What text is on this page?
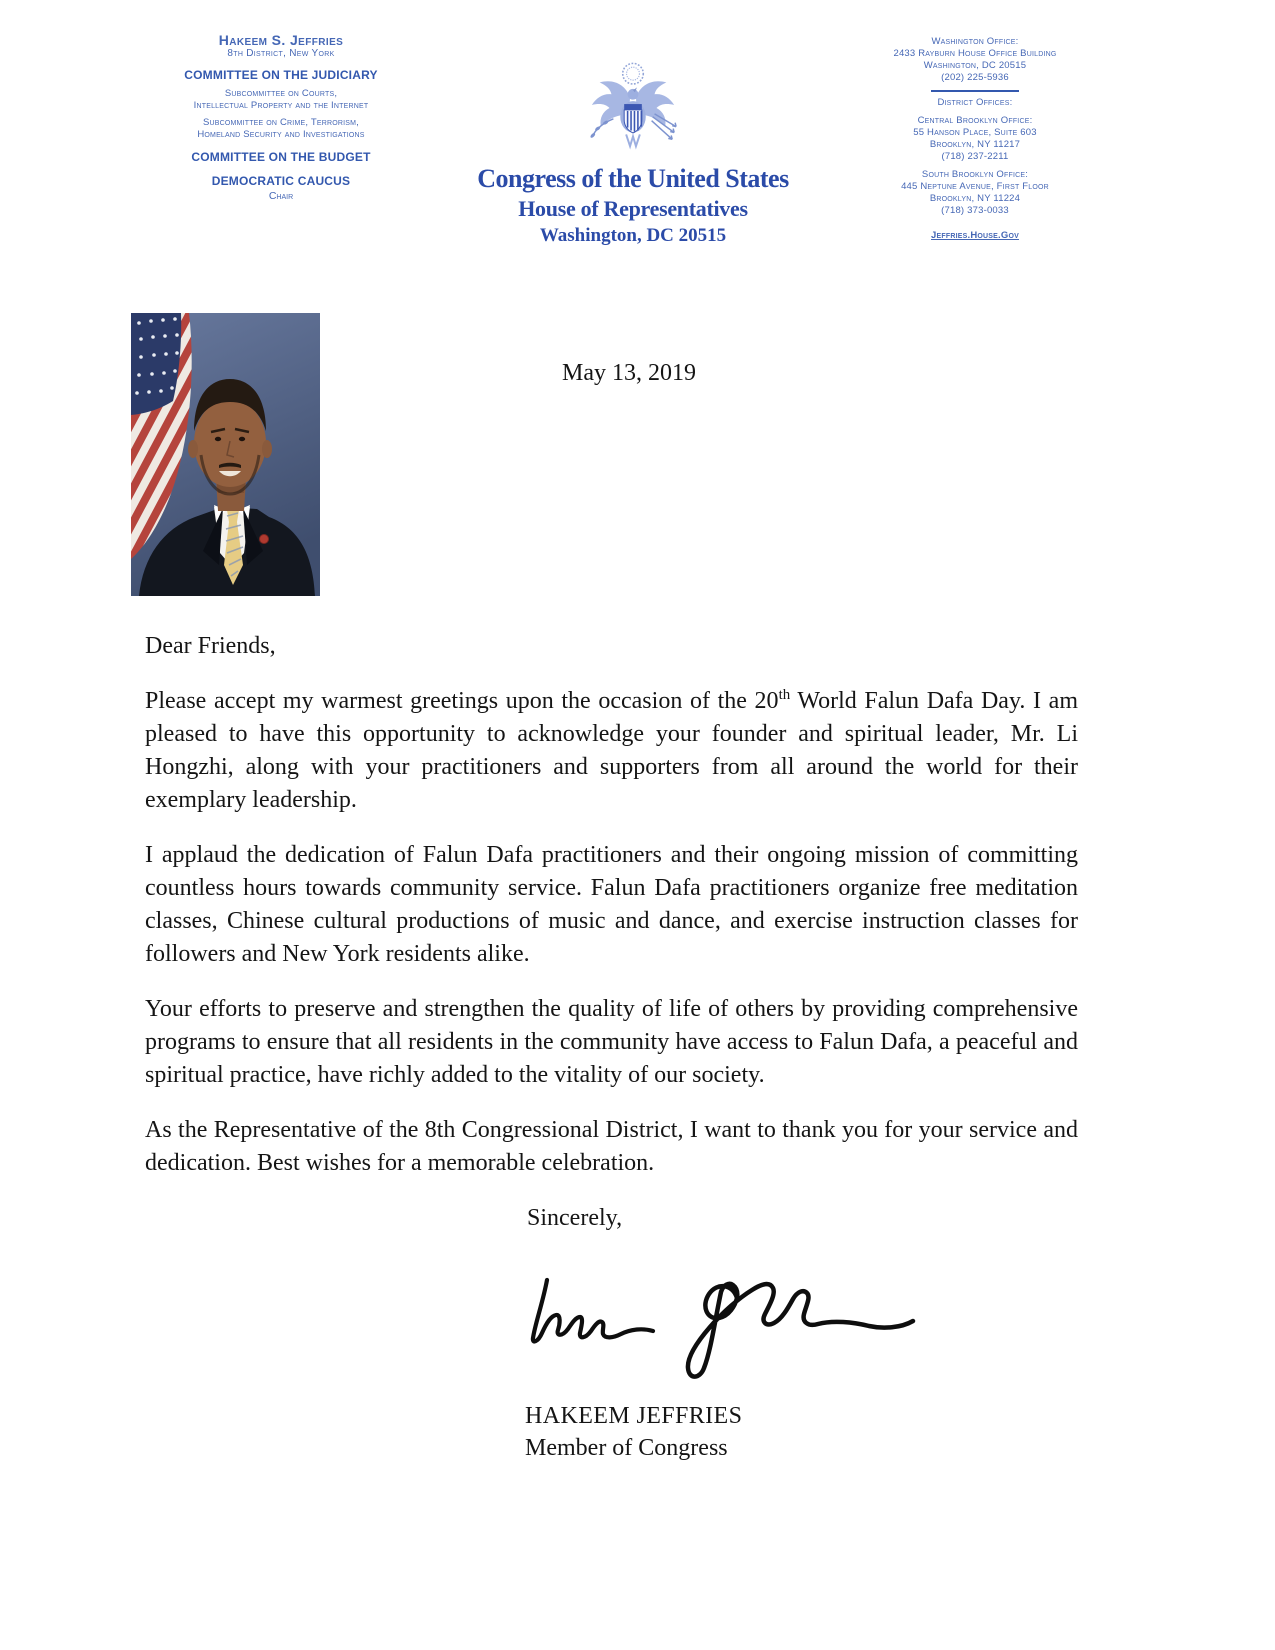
Hakeem S. Jeffries
8th District, New York
COMMITTEE ON THE JUDICIARY
Subcommittee on Courts,
Intellectual Property and the Internet
Subcommittee on Crime, Terrorism,
Homeland Security and Investigations
COMMITTEE ON THE BUDGET
DEMOCRATIC CAUCUS
Chair
Congress of the United States
House of Representatives
Washington, DC 20515
Washington Office:
2433 Rayburn House Office Building
Washington, DC 20515
(202) 225-5936
District Offices:
Central Brooklyn Office:
55 Hanson Place, Suite 603
Brooklyn, NY 11217
(718) 237-2211
South Brooklyn Office:
445 Neptune Avenue, First Floor
Brooklyn, NY 11224
(718) 373-0033
Jeffries.House.Gov
May 13, 2019

Dear Friends,

Please accept my warmest greetings upon the occasion of the 20th World Falun Dafa Day. I am pleased to have this opportunity to acknowledge your founder and spiritual leader, Mr. Li Hongzhi, along with your practitioners and supporters from all around the world for their exemplary leadership.

I applaud the dedication of Falun Dafa practitioners and their ongoing mission of committing countless hours towards community service. Falun Dafa practitioners organize free meditation classes, Chinese cultural productions of music and dance, and exercise instruction classes for followers and New York residents alike.

Your efforts to preserve and strengthen the quality of life of others by providing comprehensive programs to ensure that all residents in the community have access to Falun Dafa, a peaceful and spiritual practice, have richly added to the vitality of our society.

As the Representative of the 8th Congressional District, I want to thank you for your service and dedication. Best wishes for a memorable celebration.

Sincerely,

HAKEEM JEFFRIES
Member of Congress
